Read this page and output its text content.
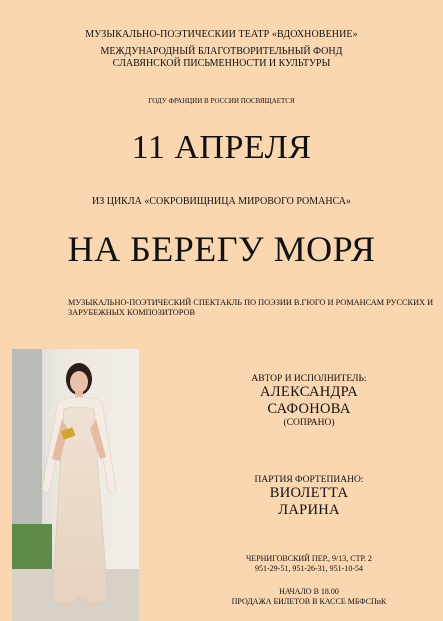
МУЗЫКАЛЬНО-ПОЭТИЧЕСКИИ ТЕАТР «ВДОХНОВЕНИЕ»
МЕЖДУНАРОДНЫЙ БЛАГОТВОРИТЕЛЬНЫЙ ФОНД
СЛАВЯНСКОЙ ПИСЬМЕННОСТИ И КУЛЬТУРЫ
ГОДУ ФРАНЦИИ В РОССИИ ПОСВЯЩАЕТСЯ
11 АПРЕЛЯ
ИЗ ЦИКЛА «СОКРОВИЩНИЦА МИРОВОГО РОМАНСА»
НА БЕРЕГУ МОРЯ
МУЗЫКАЛЬНО-ПОЭТИЧЕСКИЙ СПЕКТАКЛЬ ПО ПОЭЗИИ В.ГЮГО И РОМАНСАМ РУССКИХ И ЗАРУБЕЖНЫХ КОМПОЗИТОРОВ
АВТОР И ИСПОЛНИТЕЛЬ:
АЛЕКСАНДРА
САФОНОВА
(СОПРАНО)
ПАРТИЯ ФОРТЕПИАНО:
ВИОЛЕТТА
ЛАРИНА
ЧЕРНИГОВСКИЙ ПЕР., 9/13, СТР. 2
951-29-51, 951-26-31, 951-10-54
НАЧАЛО В 18.00
ПРОДАЖА БИЛЕТОВ В КАССЕ МБФСПиК
